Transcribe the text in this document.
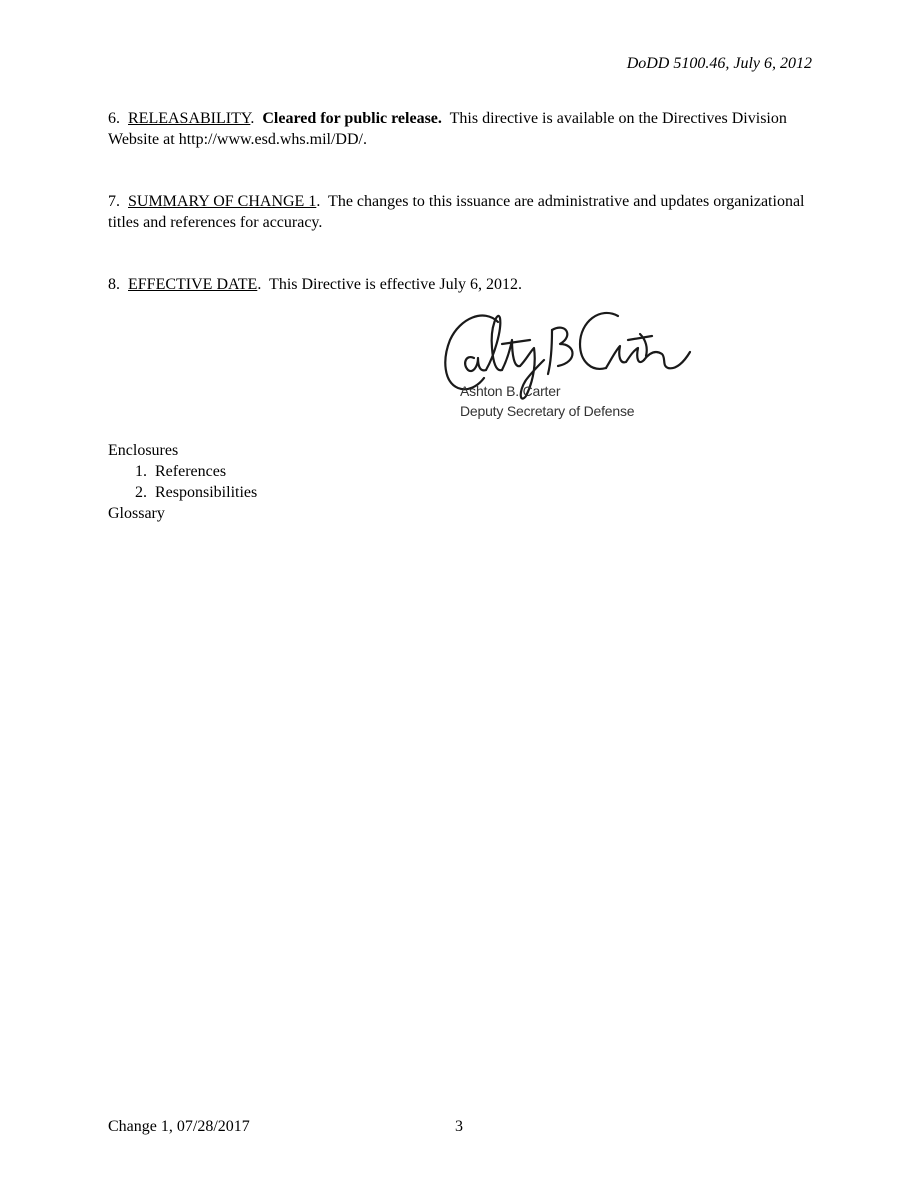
DoDD 5100.46, July 6, 2012
6. RELEASABILITY.  Cleared for public release. This directive is available on the Directives Division Website at http://www.esd.whs.mil/DD/.
7. SUMMARY OF CHANGE 1.  The changes to this issuance are administrative and updates organizational titles and references for accuracy.
8. EFFECTIVE DATE.  This Directive is effective July 6, 2012.
Ashton B. Carter
Deputy Secretary of Defense
Enclosures
1. References
2. Responsibilities
Glossary
Change 1, 07/28/2017	3
